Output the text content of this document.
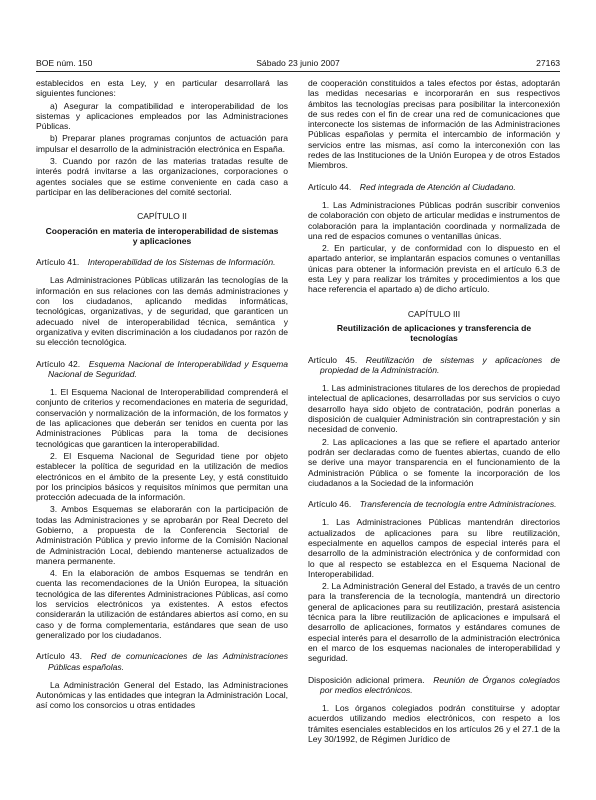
BOE núm. 150	Sábado 23 junio 2007	27163

establecidos en esta Ley, y en particular desarrollará las siguientes funciones:

a) Asegurar la compatibilidad e interoperabilidad de los sistemas y aplicaciones empleados por las Administraciones Públicas.

b) Preparar planes programas conjuntos de actuación para impulsar el desarrollo de la administración electrónica en España.

3. Cuando por razón de las materias tratadas resulte de interés podrá invitarse a las organizaciones, corporaciones o agentes sociales que se estime conveniente en cada caso a participar en las deliberaciones del comité sectorial.

CAPÍTULO II

Cooperación en materia de interoperabilidad de sistemas y aplicaciones

Artículo 41.  Interoperabilidad de los Sistemas de Información.

Las Administraciones Públicas utilizarán las tecnologías de la información en sus relaciones con las demás administraciones y con los ciudadanos, aplicando medidas informáticas, tecnológicas, organizativas, y de seguridad, que garanticen un adecuado nivel de interoperabilidad técnica, semántica y organizativa y eviten discriminación a los ciudadanos por razón de su elección tecnológica.

Artículo 42.  Esquema Nacional de Interoperabilidad y Esquema Nacional de Seguridad.

1. El Esquema Nacional de Interoperabilidad comprenderá el conjunto de criterios y recomendaciones en materia de seguridad, conservación y normalización de la información, de los formatos y de las aplicaciones que deberán ser tenidos en cuenta por las Administraciones Públicas para la toma de decisiones tecnológicas que garanticen la interoperabilidad.

2. El Esquema Nacional de Seguridad tiene por objeto establecer la política de seguridad en la utilización de medios electrónicos en el ámbito de la presente Ley, y está constituido por los principios básicos y requisitos mínimos que permitan una protección adecuada de la información.

3. Ambos Esquemas se elaborarán con la participación de todas las Administraciones y se aprobarán por Real Decreto del Gobierno, a propuesta de la Conferencia Sectorial de Administración Pública y previo informe de la Comisión Nacional de Administración Local, debiendo mantenerse actualizados de manera permanente.

4. En la elaboración de ambos Esquemas se tendrán en cuenta las recomendaciones de la Unión Europea, la situación tecnológica de las diferentes Administraciones Públicas, así como los servicios electrónicos ya existentes. A estos efectos considerarán la utilización de estándares abiertos así como, en su caso y de forma complementaria, estándares que sean de uso generalizado por los ciudadanos.

Artículo 43.  Red de comunicaciones de las Administraciones Públicas españolas.

La Administración General del Estado, las Administraciones Autonómicas y las entidades que integran la Administración Local, así como los consorcios u otras entidades

de cooperación constituidos a tales efectos por éstas, adoptarán las medidas necesarias e incorporarán en sus respectivos ámbitos las tecnologías precisas para posibilitar la interconexión de sus redes con el fin de crear una red de comunicaciones que interconecte los sistemas de información de las Administraciones Públicas españolas y permita el intercambio de información y servicios entre las mismas, así como la interconexión con las redes de las Instituciones de la Unión Europea y de otros Estados Miembros.

Artículo 44.  Red integrada de Atención al Ciudadano.

1. Las Administraciones Públicas podrán suscribir convenios de colaboración con objeto de articular medidas e instrumentos de colaboración para la implantación coordinada y normalizada de una red de espacios comunes o ventanillas únicas.

2. En particular, y de conformidad con lo dispuesto en el apartado anterior, se implantarán espacios comunes o ventanillas únicas para obtener la información prevista en el artículo 6.3 de esta Ley y para realizar los trámites y procedimientos a los que hace referencia el apartado a) de dicho artículo.

CAPÍTULO III

Reutilización de aplicaciones y transferencia de tecnologías

Artículo 45.  Reutilización de sistemas y aplicaciones de propiedad de la Administración.

1. Las administraciones titulares de los derechos de propiedad intelectual de aplicaciones, desarrolladas por sus servicios o cuyo desarrollo haya sido objeto de contratación, podrán ponerlas a disposición de cualquier Administración sin contraprestación y sin necesidad de convenio.

2. Las aplicaciones a las que se refiere el apartado anterior podrán ser declaradas como de fuentes abiertas, cuando de ello se derive una mayor transparencia en el funcionamiento de la Administración Pública o se fomente la incorporación de los ciudadanos a la Sociedad de la información

Artículo 46.  Transferencia de tecnología entre Administraciones.

1. Las Administraciones Públicas mantendrán directorios actualizados de aplicaciones para su libre reutilización, especialmente en aquellos campos de especial interés para el desarrollo de la administración electrónica y de conformidad con lo que al respecto se establezca en el Esquema Nacional de Interoperabilidad.

2. La Administración General del Estado, a través de un centro para la transferencia de la tecnología, mantendrá un directorio general de aplicaciones para su reutilización, prestará asistencia técnica para la libre reutilización de aplicaciones e impulsará el desarrollo de aplicaciones, formatos y estándares comunes de especial interés para el desarrollo de la administración electrónica en el marco de los esquemas nacionales de interoperabilidad y seguridad.

Disposición adicional primera.  Reunión de Órganos colegiados por medios electrónicos.

1. Los órganos colegiados podrán constituirse y adoptar acuerdos utilizando medios electrónicos, con respeto a los trámites esenciales establecidos en los artículos 26 y el 27.1 de la Ley 30/1992, de Régimen Jurídico de
